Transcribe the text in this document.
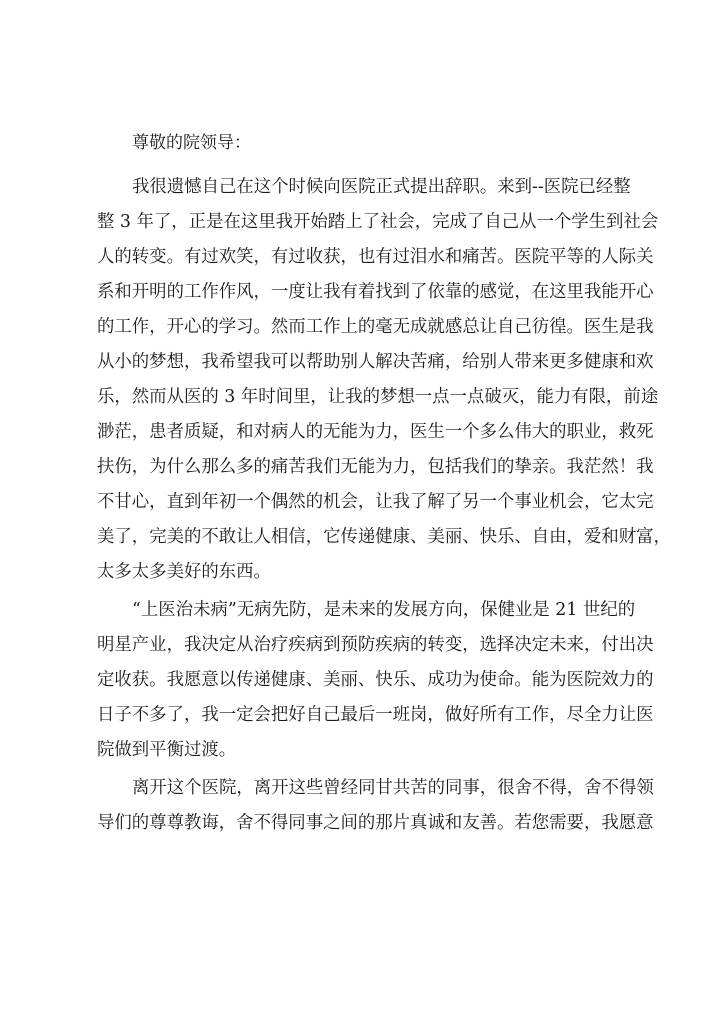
尊敬的院领导：

我很遗憾自己在这个时候向医院正式提出辞职。来到--医院已经整
整 3 年了，正是在这里我开始踏上了社会，完成了自己从一个学生到社会
人的转变。有过欢笑，有过收获，也有过泪水和痛苦。医院平等的人际关
系和开明的工作作风，一度让我有着找到了依靠的感觉，在这里我能开心
的工作，开心的学习。然而工作上的毫无成就感总让自己彷徨。医生是我
从小的梦想，我希望我可以帮助别人解决苦痛，给别人带来更多健康和欢
乐，然而从医的 3 年时间里，让我的梦想一点一点破灭，能力有限，前途
渺茫，患者质疑，和对病人的无能为力，医生一个多么伟大的职业，救死
扶伤，为什么那么多的痛苦我们无能为力，包括我们的挚亲。我茫然！我
不甘心，直到年初一个偶然的机会，让我了解了另一个事业机会，它太完
美了，完美的不敢让人相信，它传递健康、美丽、快乐、自由，爱和财富，
太多太多美好的东西。
“上医治未病”无病先防，是未来的发展方向，保健业是 21 世纪的
明星产业，我决定从治疗疾病到预防疾病的转变，选择决定未来，付出决
定收获。我愿意以传递健康、美丽、快乐、成功为使命。能为医院效力的
日子不多了，我一定会把好自己最后一班岗，做好所有工作，尽全力让医
院做到平衡过渡。
离开这个医院，离开这些曾经同甘共苦的同事，很舍不得，舍不得领
导们的尊尊教诲，舍不得同事之间的那片真诚和友善。若您需要，我愿意
